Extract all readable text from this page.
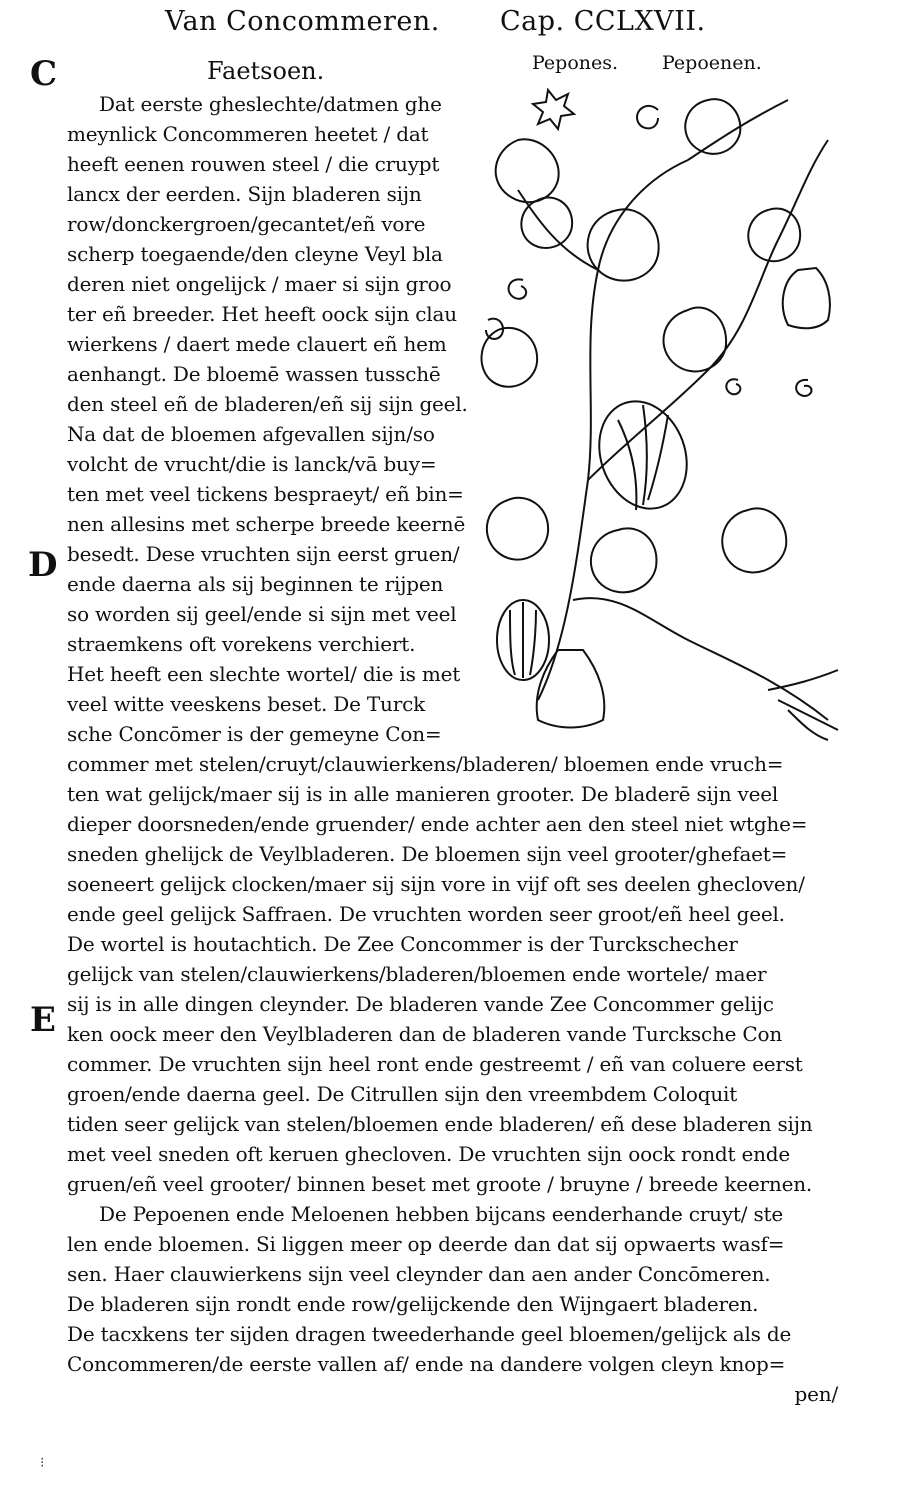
Van Concommeren. Cap. CCLXVII.
C
D
E
Faetsoen.	Pepones. Pepoenen.
Dat eerste gheslechte/datmen ghe
meynlick Concommeren heetet / dat
heeft eenen rouwen steel / die cruypt
lancx der eerden. Sijn bladeren sijn
row/donckergroen/gecantet/eñ vore
scherp toegaende/den cleyne Veyl bla
deren niet ongelijck / maer si sijn groo
ter eñ breeder. Het heeft oock sijn clau
wierkens / daert mede clauert eñ hem
aenhangt. De bloemē wassen tusschē
den steel eñ de bladeren/eñ sij sijn geel.
Na dat de bloemen afgevallen sijn/so
volcht de vrucht/die is lanck/vā buy=
ten met veel tickens bespraeyt/ eñ bin=
nen allesins met scherpe breede keernē
besedt. Dese vruchten sijn eerst gruen/
ende daerna als sij beginnen te rijpen
so worden sij geel/ende si sijn met veel
straemkens oft vorekens verchiert.
Het heeft een slechte wortel/ die is met
veel witte veeskens beset. De Turck
sche Concōmer is der gemeyne Con=
commer met stelen/cruyt/clauwierkens/bladeren/ bloemen ende vruch=
ten wat gelijck/maer sij is in alle manieren grooter. De bladerē sijn veel
dieper doorsneden/ende gruender/ ende achter aen den steel niet wtghe=
sneden ghelijck de Veylbladeren. De bloemen sijn veel grooter/ghefaet=
soeneert gelijck clocken/maer sij sijn vore in vijf oft ses deelen ghecloven/
ende geel gelijck Saffraen. De vruchten worden seer groot/eñ heel geel.
De wortel is houtachtich. De Zee Concommer is der Turckschecher
gelijck van stelen/clauwierkens/bladeren/bloemen ende wortele/ maer
sij is in alle dingen cleynder. De bladeren vande Zee Concommer gelijc
ken oock meer den Veylbladeren dan de bladeren vande Turcksche Con
commer. De vruchten sijn heel ront ende gestreemt / eñ van coluere eerst
groen/ende daerna geel. De Citrullen sijn den vreembdem Coloquit
tiden seer gelijck van stelen/bloemen ende bladeren/ eñ dese bladeren sijn
met veel sneden oft keruen ghecloven. De vruchten sijn oock rondt ende
gruen/eñ veel grooter/ binnen beset met groote / bruyne / breede keernen.
De Pepoenen ende Meloenen hebben bijcans eenderhande cruyt/ ste
len ende bloemen. Si liggen meer op deerde dan dat sij opwaerts wasf=
sen. Haer clauwierkens sijn veel cleynder dan aen ander Concōmeren.
De bladeren sijn rondt ende row/gelijckende den Wijngaert bladeren.
De tacxkens ter sijden dragen tweederhande geel bloemen/gelijck als de
Concommeren/de eerste vallen af/ ende na dandere volgen cleyn knop=
pen/
⁝
